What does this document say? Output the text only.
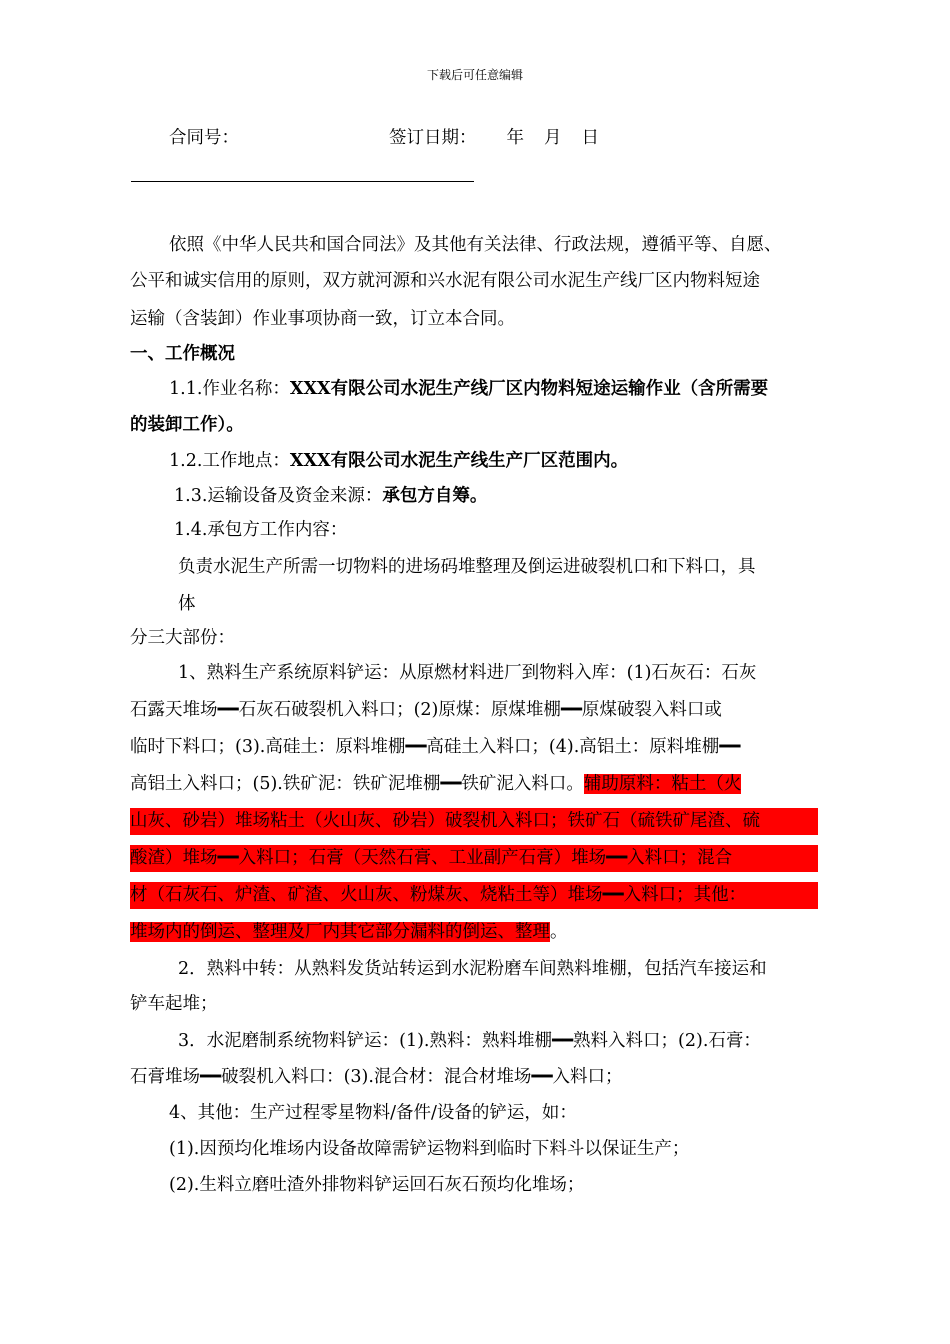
下载后可任意编辑
合同号：	签订日期： 年 月 日
依照《中华人民共和国合同法》及其他有关法律、行政法规，遵循平等、自愿、
公平和诚实信用的原则，双方就河源和兴水泥有限公司水泥生产线厂区内物料短途
运输（含装卸）作业事项协商一致，订立本合同。
一、工作概况
1.1.作业名称：XXX有限公司水泥生产线厂区内物料短途运输作业（含所需要
的装卸工作）。
1.2.工作地点：XXX有限公司水泥生产线生产厂区范围内。
1.3.运输设备及资金来源：承包方自筹。
1.4.承包方工作内容：
负责水泥生产所需一切物料的进场码堆整理及倒运进破裂机口和下料口，具
体
分三大部份：
1、熟料生产系统原料铲运：从原燃材料进厂到物料入库：(1)石灰石：石灰
石露天堆场━━石灰石破裂机入料口；(2)原煤：原煤堆棚━━原煤破裂入料口或
临时下料口；(3).高硅土：原料堆棚━━高硅土入料口；(4).高铝土：原料堆棚━━
高铝土入料口；(5).铁矿泥：铁矿泥堆棚━━铁矿泥入料口。辅助原料：粘土（火
山灰、砂岩）堆场粘土（火山灰、砂岩）破裂机入料口；铁矿石（硫铁矿尾渣、硫
酸渣）堆场━━入料口；石膏（天然石膏、工业副产石膏）堆场━━入料口；混合
材（石灰石、炉渣、矿渣、火山灰、粉煤灰、烧粘土等）堆场━━入料口；其他：
堆场内的倒运、整理及厂内其它部分漏料的倒运、整理。
2．熟料中转：从熟料发货站转运到水泥粉磨车间熟料堆棚，包括汽车接运和
铲车起堆；
3．水泥磨制系统物料铲运：(1).熟料：熟料堆棚━━熟料入料口；(2).石膏：
石膏堆场━━破裂机入料口：(3).混合材：混合材堆场━━入料口；
4、其他：生产过程零星物料/备件/设备的铲运，如：
(1).因预均化堆场内设备故障需铲运物料到临时下料斗以保证生产；
(2).生料立磨吐渣外排物料铲运回石灰石预均化堆场；
